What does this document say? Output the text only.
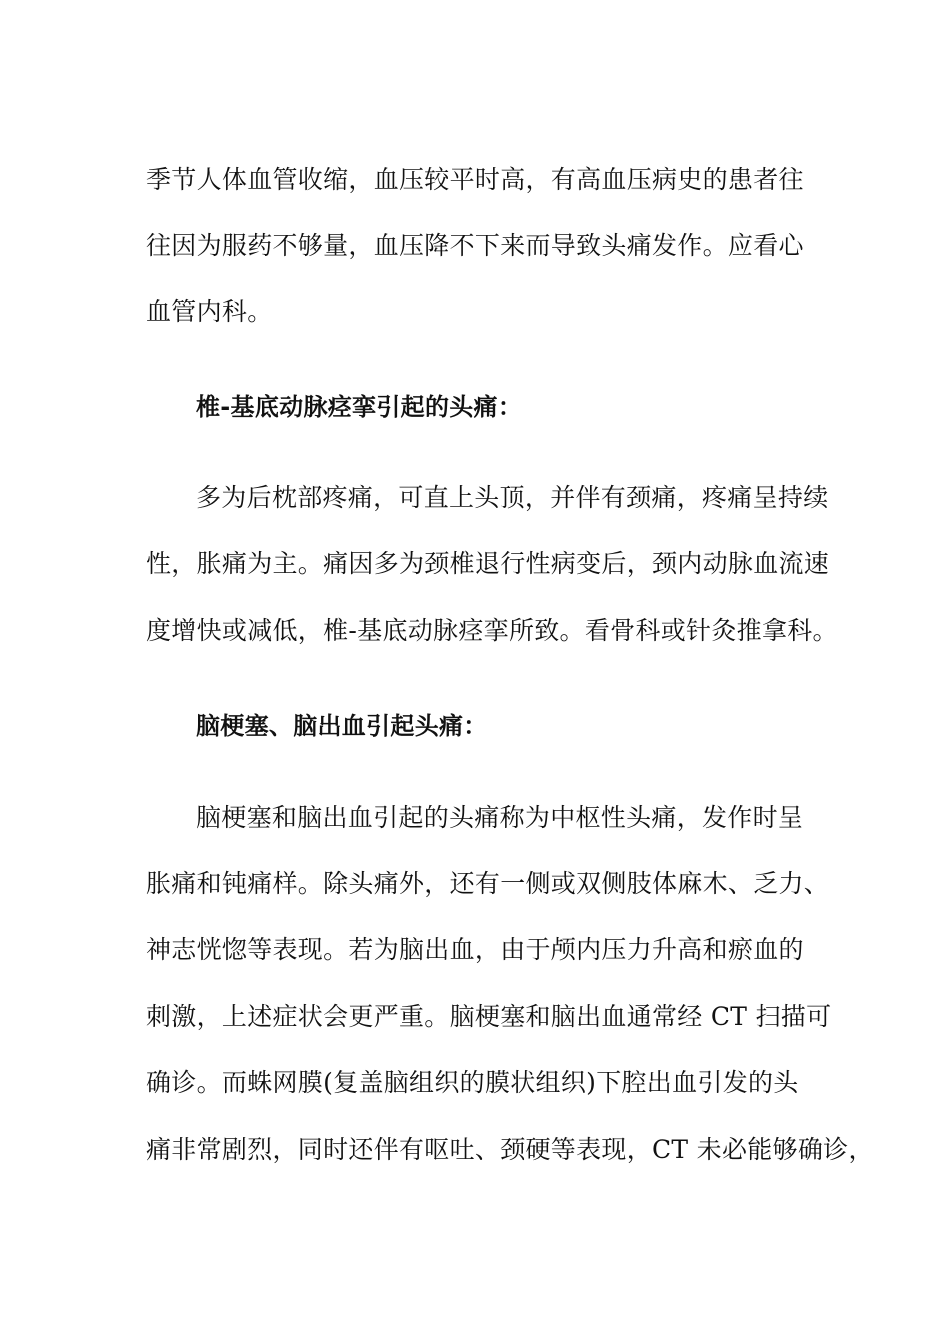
季节人体血管收缩，血压较平时高，有高血压病史的患者往
往因为服药不够量，血压降不下来而导致头痛发作。应看心
血管内科。
椎-基底动脉痉挛引起的头痛：
多为后枕部疼痛，可直上头顶，并伴有颈痛，疼痛呈持续
性，胀痛为主。痛因多为颈椎退行性病变后，颈内动脉血流速
度增快或减低，椎-基底动脉痉挛所致。看骨科或针灸推拿科。
脑梗塞、脑出血引起头痛：
脑梗塞和脑出血引起的头痛称为中枢性头痛，发作时呈
胀痛和钝痛样。除头痛外，还有一侧或双侧肢体麻木、乏力、
神志恍惚等表现。若为脑出血，由于颅内压力升高和瘀血的
刺激，上述症状会更严重。脑梗塞和脑出血通常经 CT 扫描可
确诊。而蛛网膜(复盖脑组织的膜状组织)下腔出血引发的头
痛非常剧烈，同时还伴有呕吐、颈硬等表现，CT 未必能够确诊，
